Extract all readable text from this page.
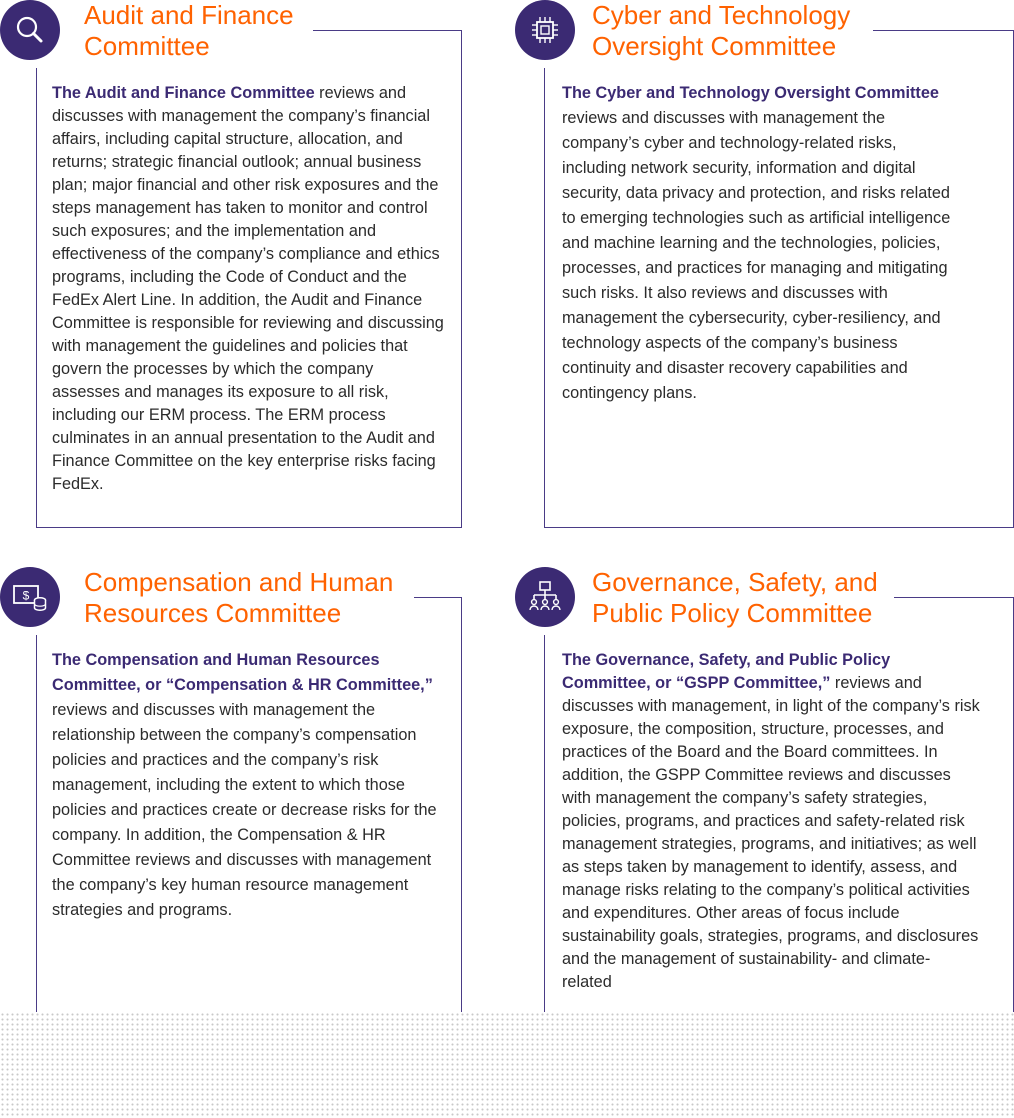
Audit and Finance
Committee
The Audit and Finance Committee reviews and discusses with management the company’s financial affairs, including capital structure, allocation, and returns; strategic financial outlook; annual business plan; major financial and other risk exposures and the steps management has taken to monitor and control such exposures; and the implementation and effectiveness of the company’s compliance and ethics programs, including the Code of Conduct and the FedEx Alert Line. In addition, the Audit and Finance Committee is responsible for reviewing and discussing with management the guidelines and policies that govern the processes by which the company assesses and manages its exposure to all risk, including our ERM process. The ERM process culminates in an annual presentation to the Audit and Finance Committee on the key enterprise risks facing FedEx.
Cyber and Technology
Oversight Committee
The Cyber and Technology Oversight Committee reviews and discusses with management the company’s cyber and technology-related risks, including network security, information and digital security, data privacy and protection, and risks related to emerging technologies such as artificial intelligence and machine learning and the technologies, policies, processes, and practices for managing and mitigating such risks. It also reviews and discusses with management the cybersecurity, cyber-resiliency, and technology aspects of the company’s business continuity and disaster recovery capabilities and contingency plans.
$ Compensation and Human
Resources Committee
The Compensation and Human Resources Committee, or “Compensation & HR Committee,” reviews and discusses with management the relationship between the company’s compensation policies and practices and the company’s risk management, including the extent to which those policies and practices create or decrease risks for the company. In addition, the Compensation & HR Committee reviews and discusses with management the company’s key human resource management strategies and programs.
Governance, Safety, and
Public Policy Committee
The Governance, Safety, and Public Policy Committee, or “GSPP Committee,” reviews and discusses with management, in light of the company’s risk exposure, the composition, structure, processes, and practices of the Board and the Board committees. In addition, the GSPP Committee reviews and discusses with management the company’s safety strategies, policies, programs, and practices and safety-related risk management strategies, programs, and initiatives; as well as steps taken by management to identify, assess, and manage risks relating to the company’s political activities and expenditures. Other areas of focus include sustainability goals, strategies, programs, and disclosures and the management of sustainability- and climate-related
